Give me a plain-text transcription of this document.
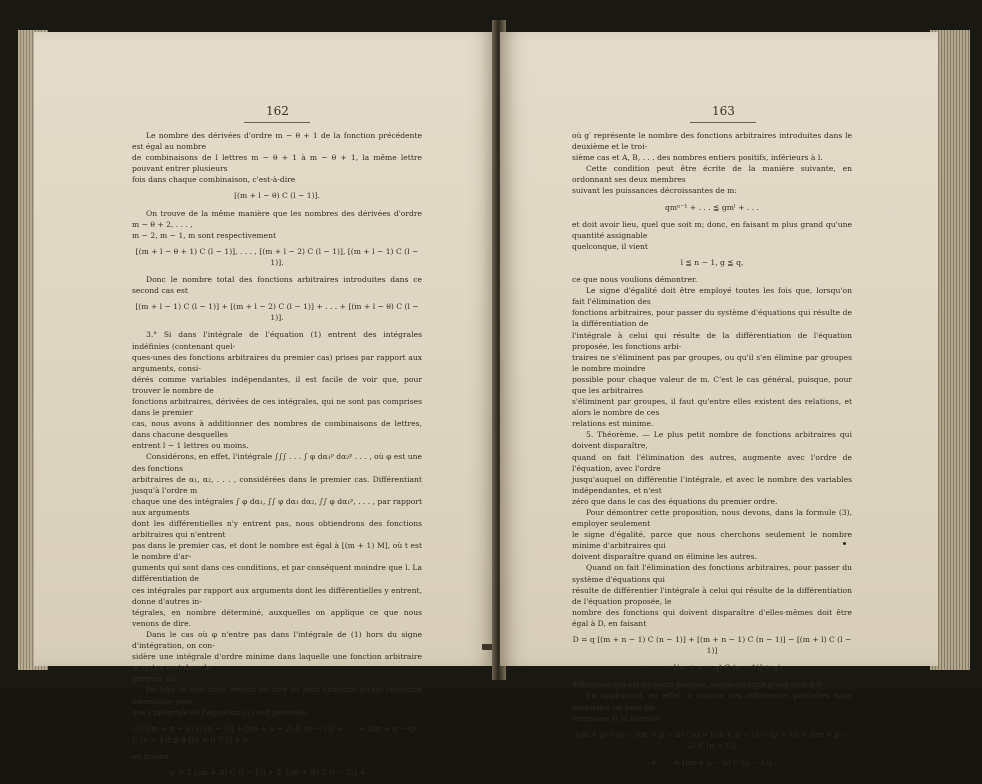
162

Le nombre des dérivées d'ordre m − θ + 1 de la fonction précédente est égal au nombre

de combinaisons de l lettres m − θ + 1 à m − θ + 1, la même lettre pouvant entrer plusieurs

fois dans chaque combinaison, c'est-à-dire

[(m + l − θ) C (l − 1)].

On trouve de la même manière que les nombres des dérivées d'ordre m − θ + 2, . . . ,

m − 2, m − 1, m sont respectivement

[(m + l − θ + 1) C (l − 1)], . . . , [(m + l − 2) C (l − 1)], [(m + l − 1) C (l − 1)].

Donc le nombre total des fonctions arbitraires introduites dans ce second cas est

[(m + l − 1) C (l − 1)] + [(m + l − 2) C (l − 1)] + . . . + [(m + l − θ) C (l − 1)].

3.° Si dans l'intégrale de l'équation (1) entrent des intégrales indéfinies (contenant quel-

ques-unes des fonctions arbitraires du premier cas) prises par rapport aux arguments, consi-

dérés comme variables indépendantes, il est facile de voir que, pour trouver le nombre de

fonctions arbitraires, dérivées de ces intégrales, qui ne sont pas comprises dans le premier

cas, nous avons à additionner des nombres de combinaisons de lettres, dans chacune desquelles

entrent l − 1 lettres ou moins.

Considérons, en effet, l'intégrale ∫∫∫ . . . ∫ φ dα₁ᵖ dα₂ᵖ . . . , où φ est une des fonctions

arbitraires de α₁, α₂, . . . , considérées dans le premier cas. Différentiant jusqu'à l'ordre m

chaque une des intégrales ∫ φ dα₁, ∫∫ φ dα₁ dα₂, ∫∫ φ dα₁ᵖ, . . . , par rapport aux arguments

dont les différentielles n'y entrent pas, nous obtiendrons des fonctions arbitraires qui n'entrent

pas dans le premier cas, et dont le nombre est égal à [(m + 1) M], où t est le nombre d'ar-

guments qui sont dans ces conditions, et par conséquent moindre que l. La différentiation de

ces intégrales par rapport aux arguments dont les différentielles y entrent, donne d'autres in-

tégrales, en nombre déterminé, auxquelles on applique ce que nous venons de dire.

Dans le cas où φ n'entre pas dans l'intégrale de (1) hors du signe d'intégration, on con-

sidère une intégrale d'ordre minime dans laquelle une fonction arbitraire ψ, qu'on met dans le

premier cas.

De tout ce que nous venons de dire on peut conclure qu'est condition nécessaire pour

que l'intégrale de l'équation (1) soit générale

(3) [(m + n − 1) C (n − 1)] + [(m + n − 2) C (n − 1)] + . . . + [(m + n − q) C (n − 1)] ≦ g [(n + l) C l] + g′,

en posant

g′ = Σ [(m + A) C (l − 1)] + Σ′ [(m + B) C (l − 2)] + . . . ,

163

où g′ représente le nombre des fonctions arbitraires introduites dans le deuxième et le troi-

sième cas et A, B, . . . des nombres entiers positifs, inférieurs à l.

Cette condition peut être écrite de la manière suivante, en ordonnant ses deux membres

suivant les puissances décroissantes de m:

qmⁿ⁻¹ + . . . ≦ gmˡ + . . .

et doit avoir lieu, quel que soit m; donc, en faisant m plus grand qu'une quantité assignable

quelconque, il vient

l ≦ n − 1, g ≦ q,

ce que nous voulions démontrer.

Le signe d'égalité doit être employé toutes les fois que, lorsqu'on fait l'élimination des

fonctions arbitraires, pour passer du système d'équations qui résulte de la différentiation de

l'intégrale à celui qui résulte de la différentiation de l'équation proposée, les fonctions arbi-

traires ne s'éliminent pas par groupes, ou qu'il s'en élimine par groupes le nombre moindre

possible pour chaque valeur de m. C'est le cas général, puisque, pour que les arbitraires

s'éliminent par groupes, il faut qu'entre elles existent des relations, et alors le nombre de ces

relations est minime.

5. Théorème. — Le plus petit nombre de fonctions arbitraires qui doivent disparaître,

quand on fait l'élimination des autres, augmente avec l'ordre de l'équation, avec l'ordre

jusqu'auquel on différentie l'intégrale, et avec le nombre des variables indépendantes, et n'est

zéro que dans le cas des équations du premier ordre.

Pour démontrer cette proposition, nous devons, dans la formule (3), employer seulement

le signe d'égalité, parce que nous cherchons seulement le nombre minime d'arbitraires qui

doivent disparaître quand on élimine les autres.

Quand on fait l'élimination des fonctions arbitraires, pour passer du système d'équations qui

résulte de différentier l'intégrale à celui qui résulte de la différentiation de l'équation proposée, le

nombre des fonctions qui doivent disparaître d'elles-mêmes doit être égal à D, en faisant

D = q [(m + n − 1) C (n − 1)] + [(m + n − 1) C (n − 1)] − [(m + l) C (l − 1)]

− . . . − [(m + n − q) C (n − 1)] + g′,

différence qui est toujours positive, même lorsque g′ est égal à 0.

En appliquant, en effet, à chacun des différences partielles dans lesquelles on peut dé-

composer D la formule

[(m + p) Cp] − [(m + p − n) Cp] = [(m + p − 1) C (p − 1)] + [(m + p − 2) C (p − 1)]

+ . . . + [(m + p − n) C (p − 1)],
